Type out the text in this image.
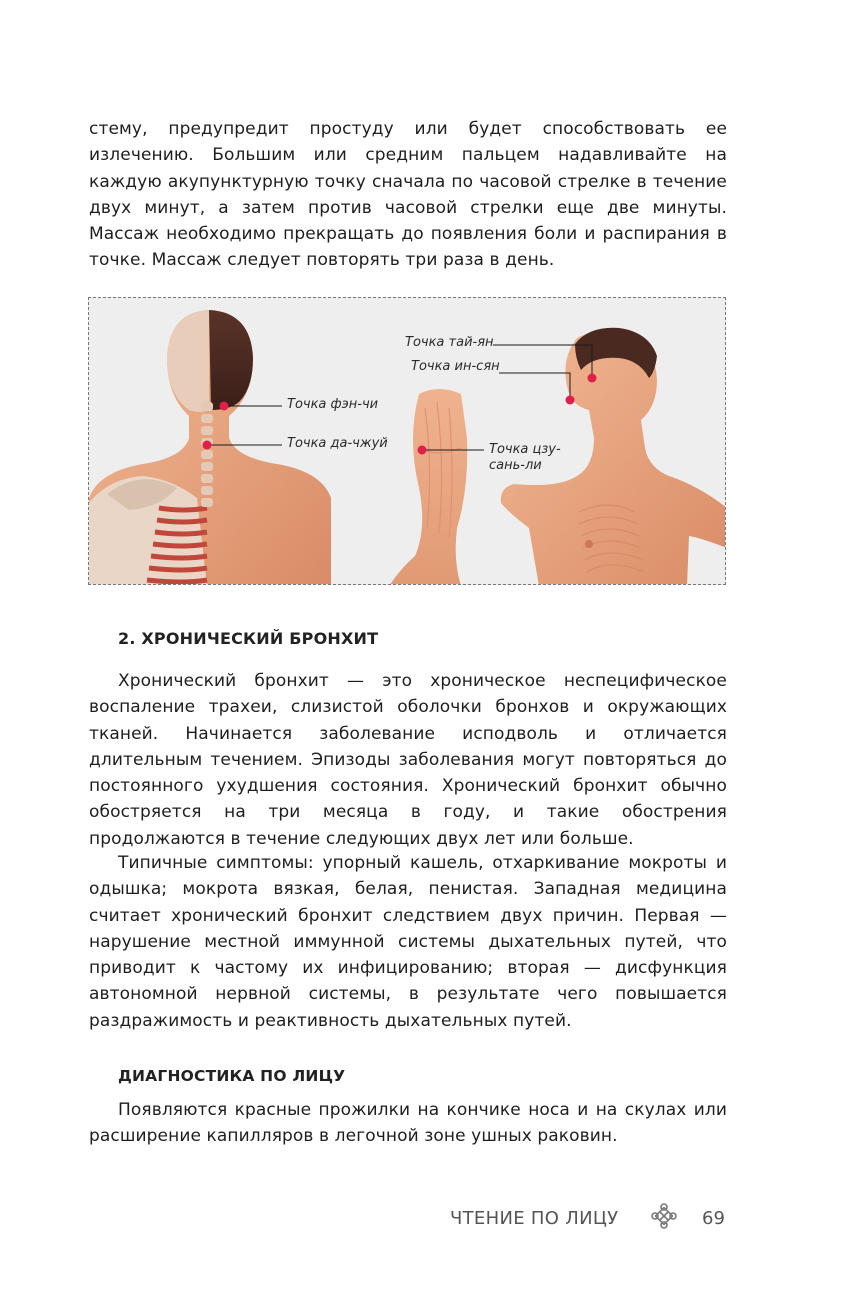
стему, предупредит простуду или будет способствовать ее излечению. Большим или средним пальцем надавливайте на каждую акупунктурную точку сначала по часовой стрелке в течение двух минут, а затем против часовой стрелки еще две минуты. Массаж необходимо прекращать до появления боли и распирания в точке. Массаж следует повторять три раза в день.

Точка фэн-чи
Точка да-чжуй
Точка тай-ян
Точка ин-сян
Точка цзу-
сань-ли
2. ХРОНИЧЕСКИЙ БРОНХИТ

Хронический бронхит — это хроническое неспецифическое воспаление трахеи, слизистой оболочки бронхов и окружающих тканей. Начинается заболевание исподволь и отличается длительным течением. Эпизоды заболевания могут повторяться до постоянного ухудшения состояния. Хронический бронхит обычно обостряется на три месяца в году, и такие обострения продолжаются в течение следующих двух лет или больше.

Типичные симптомы: упорный кашель, отхаркивание мокроты и одышка; мокрота вязкая, белая, пенистая. Западная медицина считает хронический бронхит следствием двух причин. Первая — нарушение местной иммунной системы дыхательных путей, что приводит к частому их инфицированию; вторая — дисфункция автономной нервной системы, в результате чего повышается раздражимость и реактивность дыхательных путей.

ДИАГНОСТИКА ПО ЛИЦУ

Появляются красные прожилки на кончике носа и на скулах или расширение капилляров в легочной зоне ушных раковин.

ЧТЕНИЕ ПО ЛИЦУ	69
